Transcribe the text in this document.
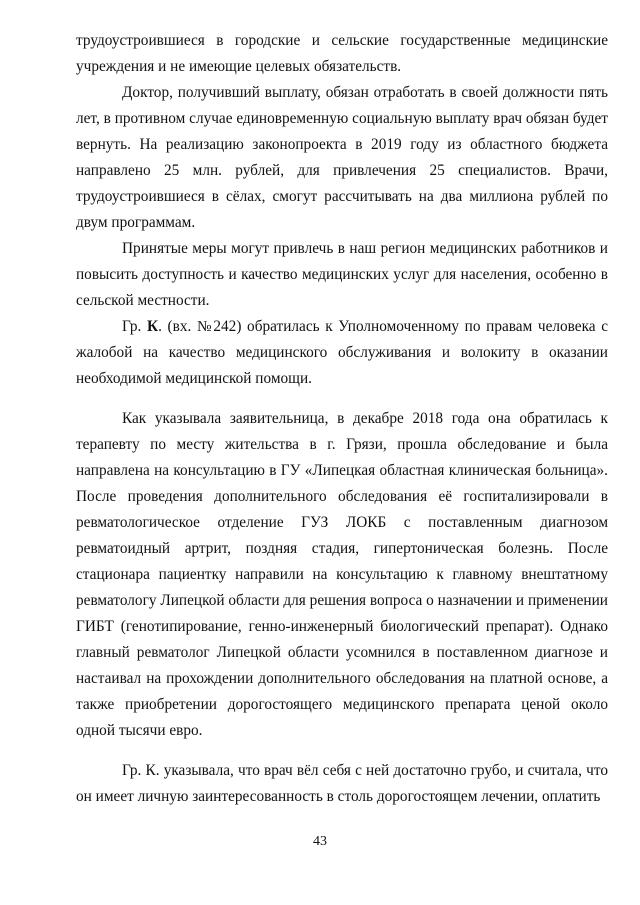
трудоустроившиеся в городские и сельские государственные медицинские учреждения и не имеющие целевых обязательств.

Доктор, получивший выплату, обязан отработать в своей должности пять лет, в противном случае единовременную социальную выплату врач обязан будет вернуть. На реализацию законопроекта в 2019 году из областного бюджета направлено 25 млн. рублей, для привлечения 25 специалистов. Врачи, трудоустроившиеся в сёлах, смогут рассчитывать на два миллиона рублей по двум программам.

Принятые меры могут привлечь в наш регион медицинских работников и повысить доступность и качество медицинских услуг для населения, особенно в сельской местности.

Гр. К. (вх. №242) обратилась к Уполномоченному по правам человека с жалобой на качество медицинского обслуживания и волокиту в оказании необходимой медицинской помощи.

Как указывала заявительница, в декабре 2018 года она обратилась к терапевту по месту жительства в г. Грязи, прошла обследование и была направлена на консультацию в ГУ «Липецкая областная клиническая больница». После проведения дополнительного обследования её госпитализировали в ревматологическое отделение ГУЗ ЛОКБ с поставленным диагнозом ревматоидный артрит, поздняя стадия, гипертоническая болезнь. После стационара пациентку направили на консультацию к главному внештатному ревматологу Липецкой области для решения вопроса о назначении и применении ГИБТ (генотипирование, генно-инженерный биологический препарат). Однако главный ревматолог Липецкой области усомнился в поставленном диагнозе и настаивал на прохождении дополнительного обследования на платной основе, а также приобретении дорогостоящего медицинского препарата ценой около одной тысячи евро.

Гр. К. указывала, что врач вёл себя с ней достаточно грубо, и считала, что он имеет личную заинтересованность в столь дорогостоящем лечении, оплатить

43
